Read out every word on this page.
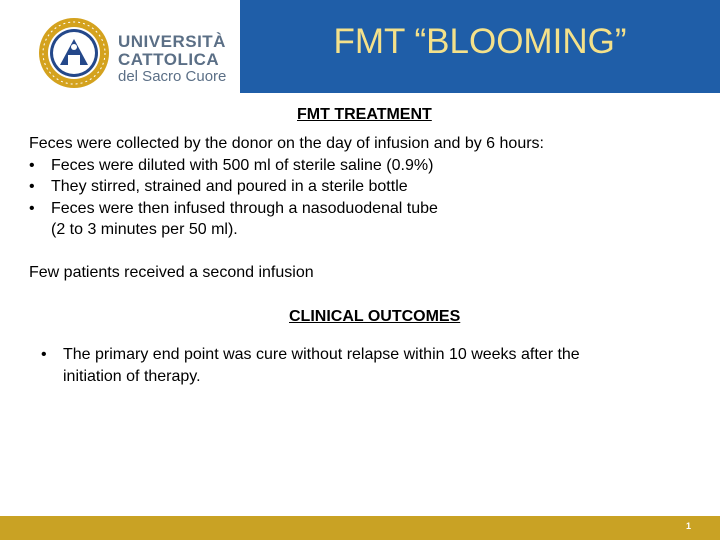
UNIVERSITÀ
CATTOLICA
del Sacro Cuore
FMT “BLOOMING”
FMT TREATMENT
Feces were collected by the donor on the day of infusion and by 6 hours:
• Feces were diluted with 500 ml of sterile saline (0.9%)
• They stirred, strained and poured in a sterile bottle
• Feces were then infused through a nasoduodenal tube
(2 to 3 minutes per 50 ml).
Few patients received a second infusion
CLINICAL OUTCOMES
• The primary end point was cure without relapse within 10 weeks after the
initiation of therapy.
1
